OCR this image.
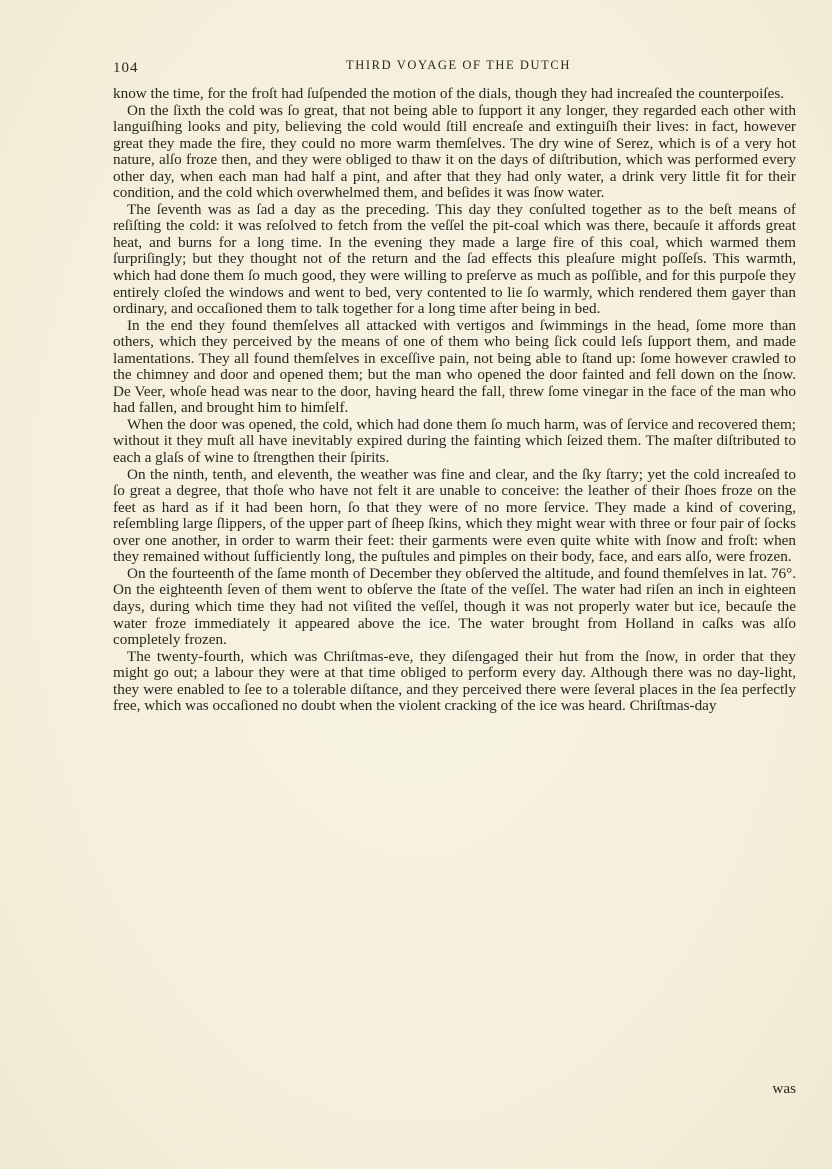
104	THIRD VOYAGE OF THE DUTCH

know the time, for the froſt had ſuſpended the motion of the dials, though they had increaſed the counterpoiſes.

On the ſixth the cold was ſo great, that not being able to ſupport it any longer, they regarded each other with languiſhing looks and pity, believing the cold would ſtill encreaſe and extinguiſh their lives: in fact, however great they made the fire, they could no more warm themſelves. The dry wine of Serez, which is of a very hot nature, alſo froze then, and they were obliged to thaw it on the days of diſtribution, which was performed every other day, when each man had half a pint, and after that they had only water, a drink very little fit for their condition, and the cold which overwhelmed them, and beſides it was ſnow water.

The ſeventh was as ſad a day as the preceding. This day they conſulted together as to the beſt means of reſiſting the cold: it was reſolved to fetch from the veſſel the pit-coal which was there, becauſe it affords great heat, and burns for a long time. In the evening they made a large fire of this coal, which warmed them ſurpriſingly; but they thought not of the return and the ſad effects this pleaſure might poſſeſs. This warmth, which had done them ſo much good, they were willing to preſerve as much as poſſible, and for this purpoſe they entirely cloſed the windows and went to bed, very contented to lie ſo warmly, which rendered them gayer than ordinary, and occaſioned them to talk together for a long time after being in bed.

In the end they found themſelves all attacked with vertigos and ſwimmings in the head, ſome more than others, which they perceived by the means of one of them who being ſick could leſs ſupport them, and made lamentations. They all found themſelves in exceſſive pain, not being able to ſtand up: ſome however crawled to the chimney and door and opened them; but the man who opened the door fainted and fell down on the ſnow. De Veer, whoſe head was near to the door, having heard the fall, threw ſome vinegar in the face of the man who had fallen, and brought him to himſelf.

When the door was opened, the cold, which had done them ſo much harm, was of ſervice and recovered them; without it they muſt all have inevitably expired during the fainting which ſeized them. The maſter diſtributed to each a glaſs of wine to ſtrengthen their ſpirits.

On the ninth, tenth, and eleventh, the weather was fine and clear, and the ſky ſtarry; yet the cold increaſed to ſo great a degree, that thoſe who have not felt it are unable to conceive: the leather of their ſhoes froze on the feet as hard as if it had been horn, ſo that they were of no more ſervice. They made a kind of covering, reſembling large ſlippers, of the upper part of ſheep ſkins, which they might wear with three or four pair of ſocks over one another, in order to warm their feet: their garments were even quite white with ſnow and froſt: when they remained without ſufficiently long, the puſtules and pimples on their body, face, and ears alſo, were frozen.

On the fourteenth of the ſame month of December they obſerved the altitude, and found themſelves in lat. 76°. On the eighteenth ſeven of them went to obſerve the ſtate of the veſſel. The water had riſen an inch in eighteen days, during which time they had not viſited the veſſel, though it was not properly water but ice, becauſe the water froze immediately it appeared above the ice. The water brought from Holland in caſks was alſo completely frozen.

The twenty-fourth, which was Chriſtmas-eve, they diſengaged their hut from the ſnow, in order that they might go out; a labour they were at that time obliged to perform every day. Although there was no day-light, they were enabled to ſee to a tolerable diſtance, and they perceived there were ſeveral places in the ſea perfectly free, which was occaſioned no doubt when the violent cracking of the ice was heard. Chriſtmas-day

was
